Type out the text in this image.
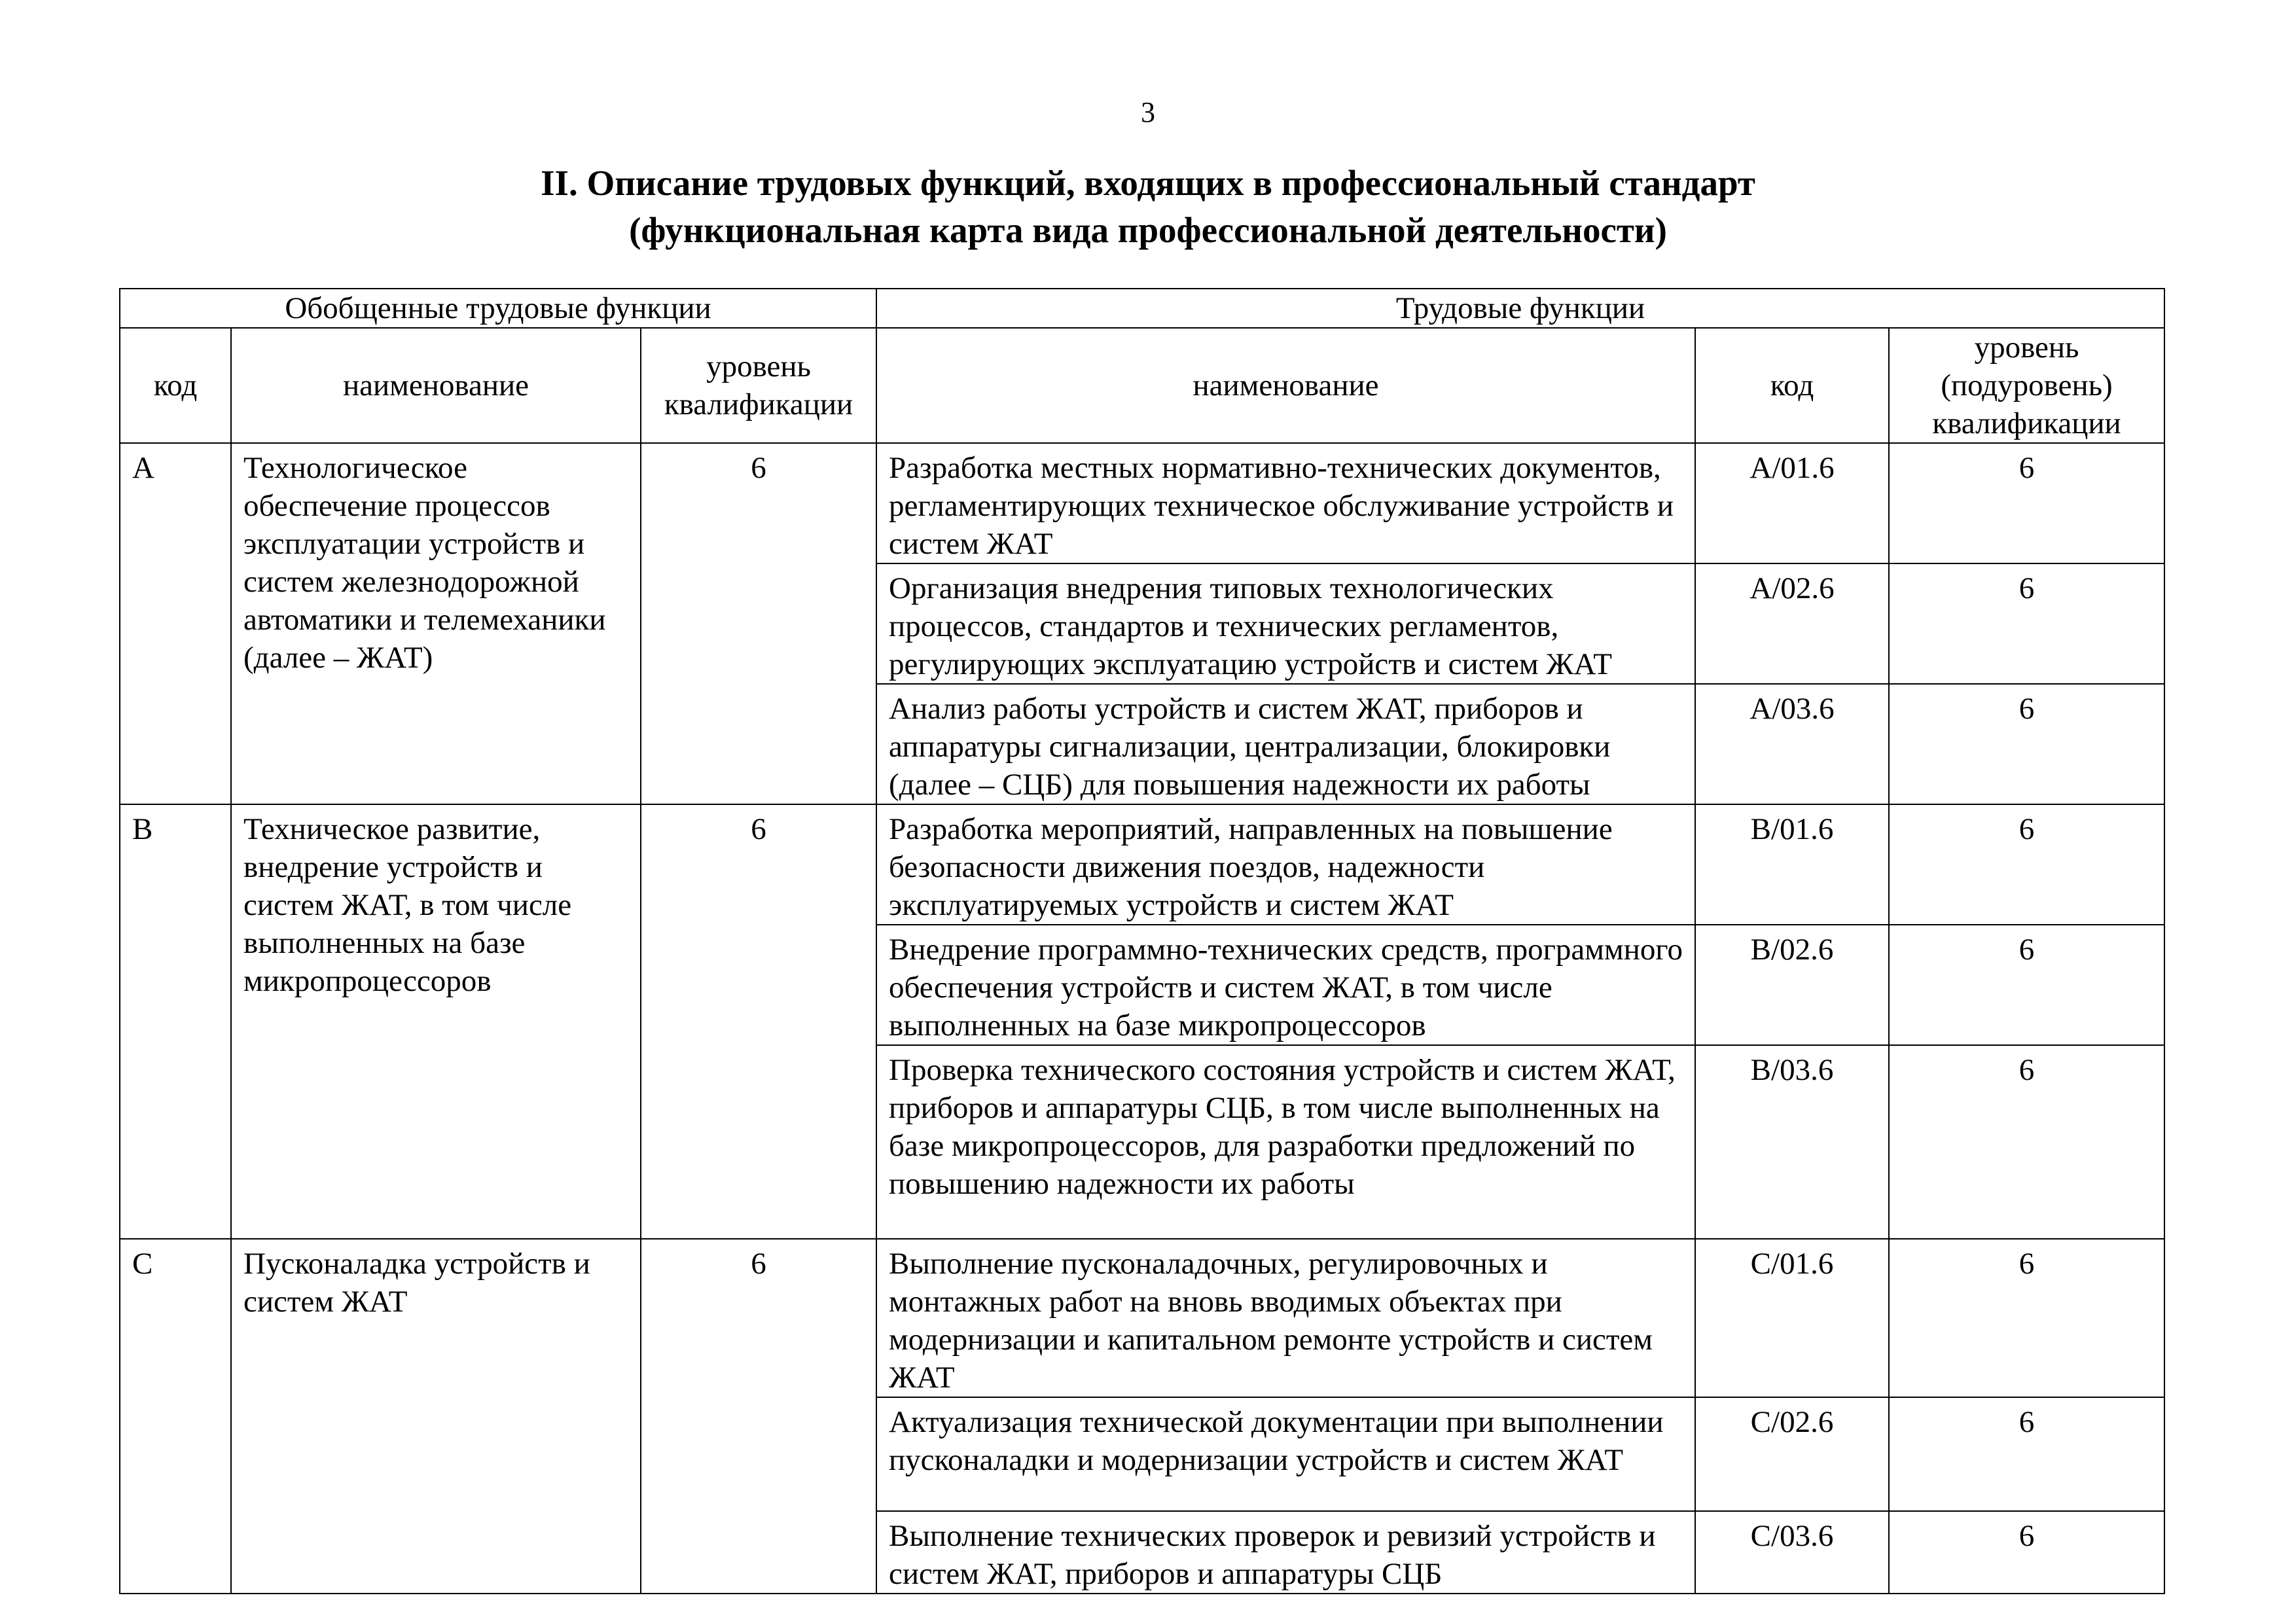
3
II. Описание трудовых функций, входящих в профессиональный стандарт
(функциональная карта вида профессиональной деятельности)
Обобщенные трудовые функции			Трудовые функции		
код	наименование	уровень квалификации	наименование	код	уровень (подуровень) квалификации
A	Технологическое обеспечение процессов эксплуатации устройств и систем железнодорожной автоматики и телемеханики (далее – ЖАТ)	6	Разработка местных нормативно-технических документов, регламентирующих техническое обслуживание устройств и систем ЖАТ	A/01.6	6
			Организация внедрения типовых технологических процессов, стандартов и технических регламентов, регулирующих эксплуатацию устройств и систем ЖАТ	A/02.6	6
			Анализ работы устройств и систем ЖАТ, приборов и аппаратуры сигнализации, централизации, блокировки (далее – СЦБ) для повышения надежности их работы	A/03.6	6
B	Техническое развитие, внедрение устройств и систем ЖАТ, в том числе выполненных на базе микропроцессоров	6	Разработка мероприятий, направленных на повышение безопасности движения поездов, надежности эксплуатируемых устройств и систем ЖАТ	B/01.6	6
			Внедрение программно-технических средств, программного обеспечения устройств и систем ЖАТ, в том числе выполненных на базе микропроцессоров	B/02.6	6
			Проверка технического состояния устройств и систем ЖАТ, приборов и аппаратуры СЦБ, в том числе выполненных на базе микропроцессоров, для разработки предложений по повышению надежности их работы	B/03.6	6
C	Пусконаладка устройств и систем ЖАТ	6	Выполнение пусконаладочных, регулировочных и монтажных работ на вновь вводимых объектах при модернизации и капитальном ремонте устройств и систем ЖАТ	C/01.6	6
			Актуализация технической документации при выполнении пусконаладки и модернизации устройств и систем ЖАТ	C/02.6	6
			Выполнение технических проверок и ревизий устройств и систем ЖАТ, приборов и аппаратуры СЦБ	C/03.6	6
